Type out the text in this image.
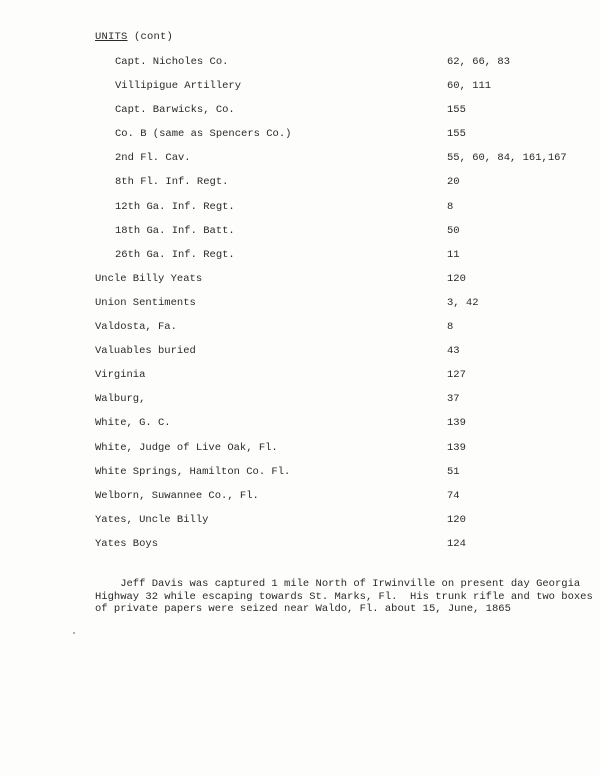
UNITS (cont)
Capt. Nicholes Co.	62, 66, 83
Villipigue Artillery	60, 111
Capt. Barwicks, Co.	155
Co. B (same as Spencers Co.)	155
2nd Fl. Cav.	55, 60, 84, 161,167
8th Fl. Inf. Regt.	20
12th Ga. Inf. Regt.	8
18th Ga. Inf. Batt.	50
26th Ga. Inf. Regt.	11
Uncle Billy Yeats	120
Union Sentiments	3, 42
Valdosta, Fa.	8
Valuables buried	43
Virginia	127
Walburg,	37
White, G. C.	139
White, Judge of Live Oak, Fl.	139
White Springs, Hamilton Co. Fl.	51
Welborn, Suwannee Co., Fl.	74
Yates, Uncle Billy	120
Yates Boys	124
Jeff Davis was captured 1 mile North of Irwinville on present day Georgia
Highway 32 while escaping towards St. Marks, Fl.  His trunk rifle and two boxes
of private papers were seized near Waldo, Fl. about 15, June, 1865
